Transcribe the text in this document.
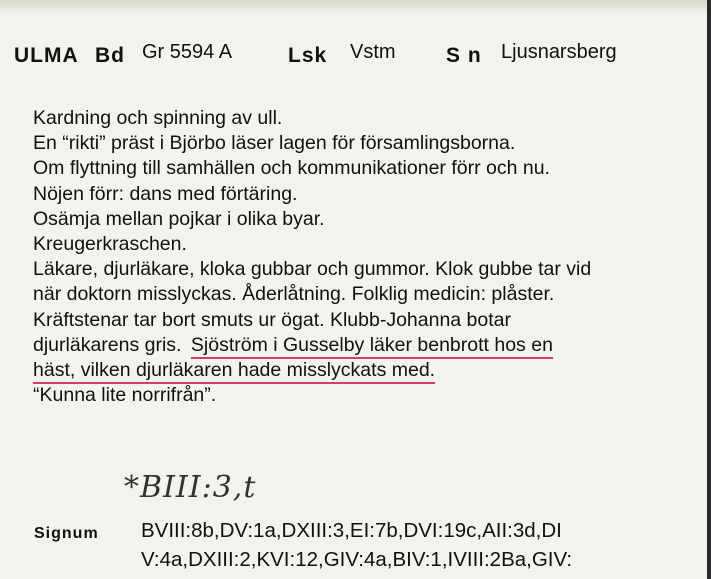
ULMA Bd Gr 5594 A	Lsk Vstm S n Ljusnarsberg
Kardning och spinning av ull.
En “rikti” präst i Björbo läser lagen för församlingsborna.
Om flyttning till samhällen och kommunikationer förr och nu.
Nöjen förr: dans med förtäring.
Osämja mellan pojkar i olika byar.
Kreugerkraschen.
Läkare, djurläkare, kloka gubbar och gummor. Klok gubbe tar vid
när doktorn misslyckas. Åderlåtning. Folklig medicin: plåster.
Kräftstenar tar bort smuts ur ögat. Klubb-Johanna botar
djurläkarens gris. Sjöström i Gusselby läker benbrott hos en
häst, vilken djurläkaren hade misslyckats med.
“Kunna lite norrifrån”.
*BIII:3,t
Signum BVIII:8b,DV:1a,DXIII:3,EI:7b,DVI:19c,AII:3d,DI
V:4a,DXIII:2,KVI:12,GIV:4a,BIV:1,IVIII:2Ba,GIV:
